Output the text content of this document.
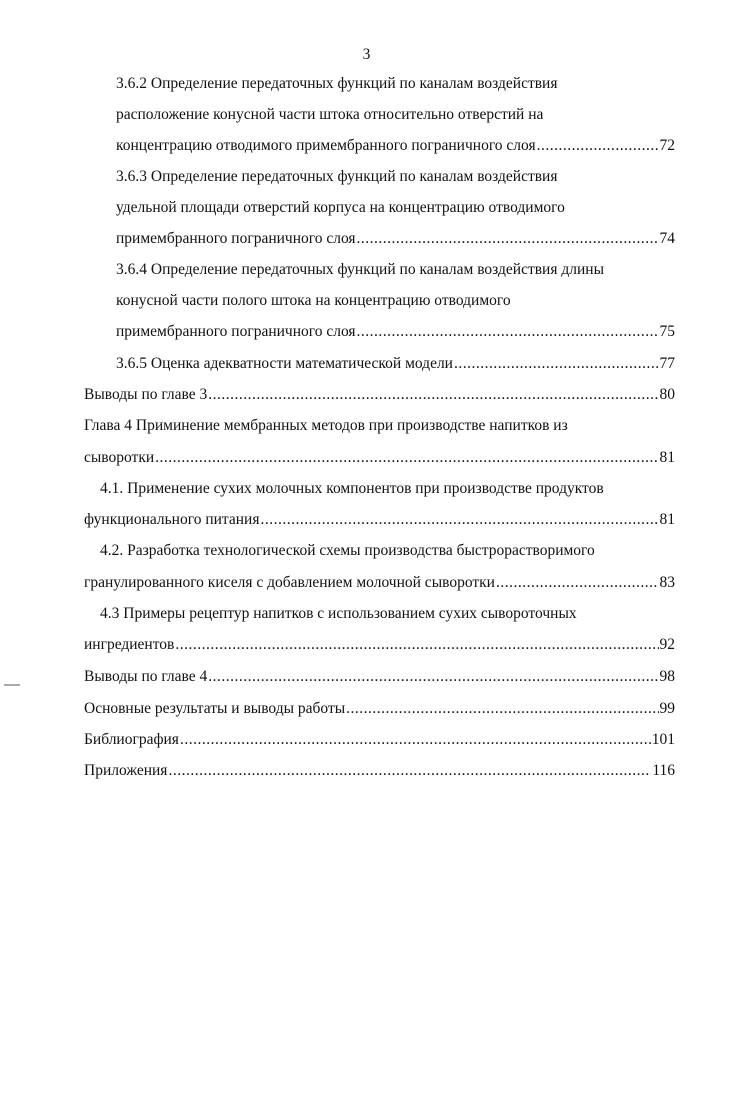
3
3.6.2 Определение передаточных функций по каналам воздействия
расположение конусной части штока относительно отверстий на
концентрацию отводимого примембранного пограничного слоя .....	72
3.6.3 Определение передаточных функций по каналам воздействия
удельной площади отверстий корпуса на концентрацию отводимого
примембранного пограничного слоя .....	74
3.6.4 Определение передаточных функций по каналам воздействия длины
конусной части полого штока на концентрацию отводимого
примембранного пограничного слоя .....	75
3.6.5 Оценка адекватности математической модели .....	77
Выводы по главе 3 .....	80
Глава 4 Приминение мембранных методов при производстве напитков из
сыворотки .....	81
4.1. Применение сухих молочных компонентов при производстве продуктов
функционального питания .....	81
4.2. Разработка технологической схемы производства быстрорастворимого
гранулированного киселя с добавлением молочной сыворотки .....	83
4.3 Примеры рецептур напитков с использованием сухих сывороточных
ингредиентов .....	92
Выводы по главе 4 .....	98
Основные результаты и выводы работы .....	99
Библиография .....	101
Приложения .....	116
